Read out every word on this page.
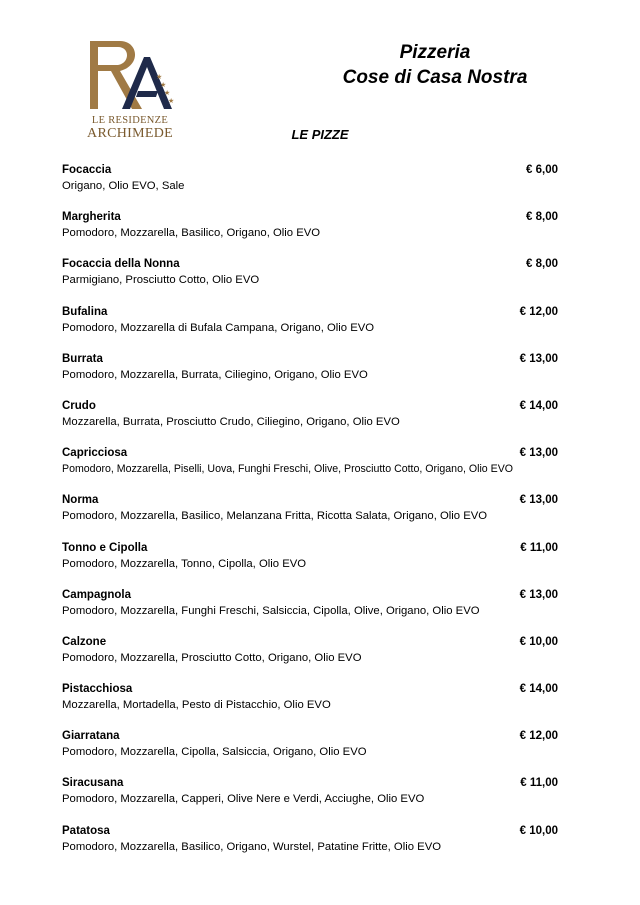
★
★
★
★
LE RESIDENZE
ARCHIMEDE
Pizzeria
Cose di Casa Nostra
LE PIZZE
Focaccia
Origano, Olio EVO, Sale
€ 6,00
Margherita
Pomodoro, Mozzarella, Basilico, Origano, Olio EVO
€ 8,00
Focaccia della Nonna
Parmigiano, Prosciutto Cotto, Olio EVO
€ 8,00
Bufalina
Pomodoro, Mozzarella di Bufala Campana, Origano, Olio EVO
€ 12,00
Burrata
Pomodoro, Mozzarella, Burrata, Ciliegino, Origano, Olio EVO
€ 13,00
Crudo
Mozzarella, Burrata, Prosciutto Crudo, Ciliegino, Origano, Olio EVO
€ 14,00
Capricciosa
Pomodoro, Mozzarella, Piselli, Uova, Funghi Freschi, Olive, Prosciutto Cotto, Origano, Olio EVO
€ 13,00
Norma
Pomodoro, Mozzarella, Basilico, Melanzana Fritta, Ricotta Salata, Origano, Olio EVO
€ 13,00
Tonno e Cipolla
Pomodoro, Mozzarella, Tonno, Cipolla, Olio EVO
€ 11,00
Campagnola
Pomodoro, Mozzarella, Funghi Freschi, Salsiccia, Cipolla, Olive, Origano, Olio EVO
€ 13,00
Calzone
Pomodoro, Mozzarella, Prosciutto Cotto, Origano, Olio EVO
€ 10,00
Pistacchiosa
Mozzarella, Mortadella, Pesto di Pistacchio, Olio EVO
€ 14,00
Giarratana
Pomodoro, Mozzarella, Cipolla, Salsiccia, Origano, Olio EVO
€ 12,00
Siracusana
Pomodoro, Mozzarella, Capperi, Olive Nere e Verdi, Acciughe, Olio EVO
€ 11,00
Patatosa
Pomodoro, Mozzarella, Basilico, Origano, Wurstel, Patatine Fritte, Olio EVO
€ 10,00
